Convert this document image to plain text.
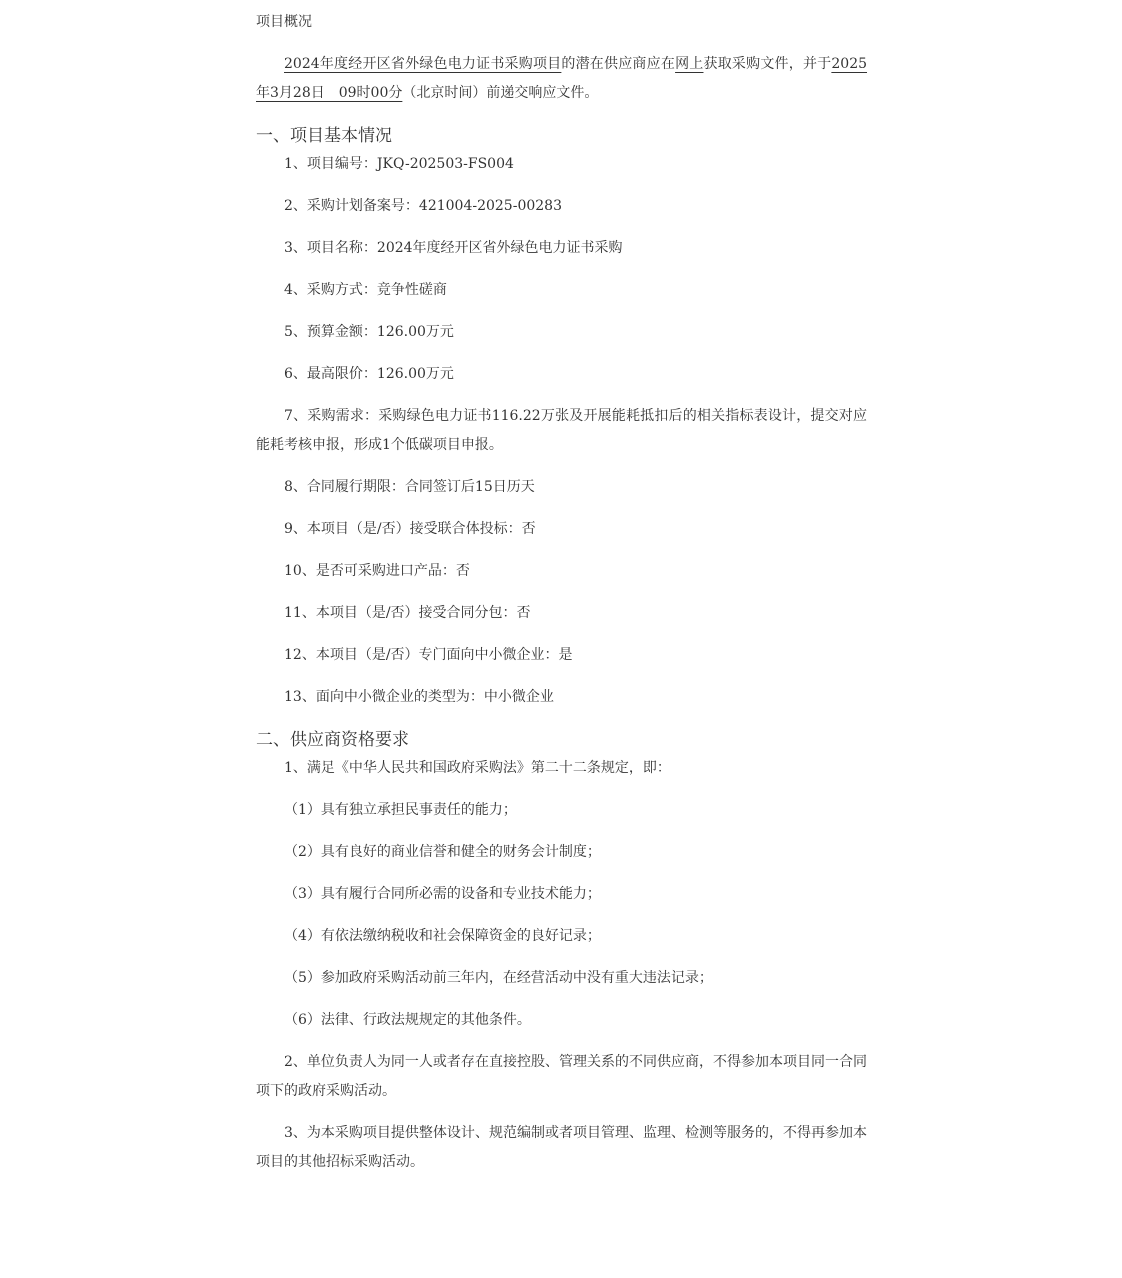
项目概况

2024年度经开区省外绿色电力证书采购项目的潜在供应商应在网上获取采购文件，并于2025年3月28日　09时00分（北京时间）前递交响应文件。

一、项目基本情况

1、项目编号：JKQ-202503-FS004

2、采购计划备案号：421004-2025-00283

3、项目名称：2024年度经开区省外绿色电力证书采购

4、采购方式：竞争性磋商

5、预算金额：126.00万元

6、最高限价：126.00万元

7、采购需求：采购绿色电力证书116.22万张及开展能耗抵扣后的相关指标表设计，提交对应能耗考核申报，形成1个低碳项目申报。

8、合同履行期限：合同签订后15日历天

9、本项目（是/否）接受联合体投标：否

10、是否可采购进口产品：否

11、本项目（是/否）接受合同分包：否

12、本项目（是/否）专门面向中小微企业：是

13、面向中小微企业的类型为：中小微企业

二、供应商资格要求

1、满足《中华人民共和国政府采购法》第二十二条规定，即：

（1）具有独立承担民事责任的能力；

（2）具有良好的商业信誉和健全的财务会计制度；

（3）具有履行合同所必需的设备和专业技术能力；

（4）有依法缴纳税收和社会保障资金的良好记录；

（5）参加政府采购活动前三年内，在经营活动中没有重大违法记录；

（6）法律、行政法规规定的其他条件。

2、单位负责人为同一人或者存在直接控股、管理关系的不同供应商，不得参加本项目同一合同项下的政府采购活动。

3、为本采购项目提供整体设计、规范编制或者项目管理、监理、检测等服务的，不得再参加本项目的其他招标采购活动。
